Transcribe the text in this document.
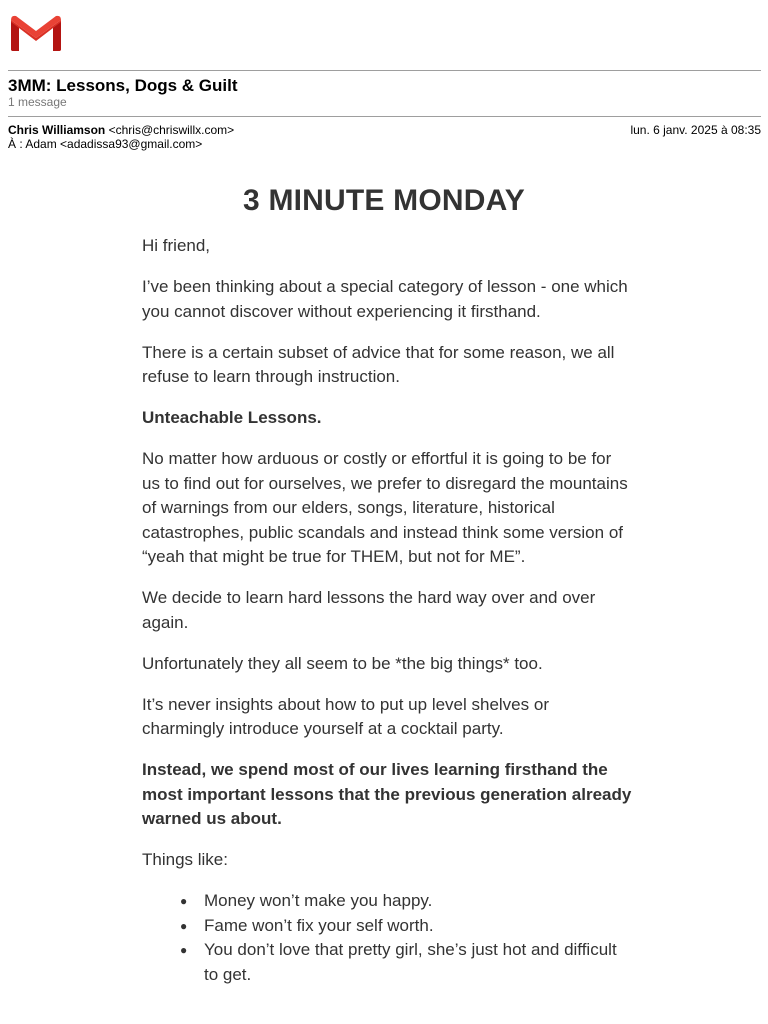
3MM: Lessons, Dogs & Guilt
1 message
Chris Williamson <chris@chriswillx.com>	lun. 6 janv. 2025 à 08:35
À : Adam <adadissa93@gmail.com>
3 MINUTE MONDAY

Hi friend,

I’ve been thinking about a special category of lesson - one which you cannot discover without experiencing it firsthand.

There is a certain subset of advice that for some reason, we all refuse to learn through instruction.

Unteachable Lessons.

No matter how arduous or costly or effortful it is going to be for us to find out for ourselves, we prefer to disregard the mountains of warnings from our elders, songs, literature, historical catastrophes, public scandals and instead think some version of “yeah that might be true for THEM, but not for ME”.

We decide to learn hard lessons the hard way over and over again.

Unfortunately they all seem to be *the big things* too.

It’s never insights about how to put up level shelves or charmingly introduce yourself at a cocktail party.

Instead, we spend most of our lives learning firsthand the most important lessons that the previous generation already warned us about.

Things like:

● Money won’t make you happy.
● Fame won’t fix your self worth.
● You don’t love that pretty girl, she’s just hot and difficult to get.
